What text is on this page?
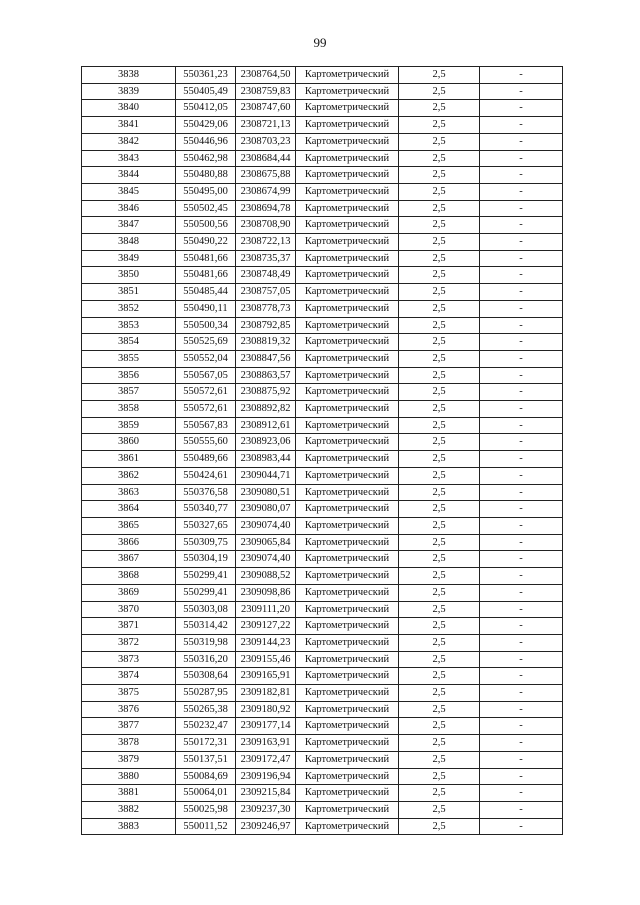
99
3838	550361,23	2308764,50	Картометрический	2,5	-
3839	550405,49	2308759,83	Картометрический	2,5	-
3840	550412,05	2308747,60	Картометрический	2,5	-
3841	550429,06	2308721,13	Картометрический	2,5	-
3842	550446,96	2308703,23	Картометрический	2,5	-
3843	550462,98	2308684,44	Картометрический	2,5	-
3844	550480,88	2308675,88	Картометрический	2,5	-
3845	550495,00	2308674,99	Картометрический	2,5	-
3846	550502,45	2308694,78	Картометрический	2,5	-
3847	550500,56	2308708,90	Картометрический	2,5	-
3848	550490,22	2308722,13	Картометрический	2,5	-
3849	550481,66	2308735,37	Картометрический	2,5	-
3850	550481,66	2308748,49	Картометрический	2,5	-
3851	550485,44	2308757,05	Картометрический	2,5	-
3852	550490,11	2308778,73	Картометрический	2,5	-
3853	550500,34	2308792,85	Картометрический	2,5	-
3854	550525,69	2308819,32	Картометрический	2,5	-
3855	550552,04	2308847,56	Картометрический	2,5	-
3856	550567,05	2308863,57	Картометрический	2,5	-
3857	550572,61	2308875,92	Картометрический	2,5	-
3858	550572,61	2308892,82	Картометрический	2,5	-
3859	550567,83	2308912,61	Картометрический	2,5	-
3860	550555,60	2308923,06	Картометрический	2,5	-
3861	550489,66	2308983,44	Картометрический	2,5	-
3862	550424,61	2309044,71	Картометрический	2,5	-
3863	550376,58	2309080,51	Картометрический	2,5	-
3864	550340,77	2309080,07	Картометрический	2,5	-
3865	550327,65	2309074,40	Картометрический	2,5	-
3866	550309,75	2309065,84	Картометрический	2,5	-
3867	550304,19	2309074,40	Картометрический	2,5	-
3868	550299,41	2309088,52	Картометрический	2,5	-
3869	550299,41	2309098,86	Картометрический	2,5	-
3870	550303,08	2309111,20	Картометрический	2,5	-
3871	550314,42	2309127,22	Картометрический	2,5	-
3872	550319,98	2309144,23	Картометрический	2,5	-
3873	550316,20	2309155,46	Картометрический	2,5	-
3874	550308,64	2309165,91	Картометрический	2,5	-
3875	550287,95	2309182,81	Картометрический	2,5	-
3876	550265,38	2309180,92	Картометрический	2,5	-
3877	550232,47	2309177,14	Картометрический	2,5	-
3878	550172,31	2309163,91	Картометрический	2,5	-
3879	550137,51	2309172,47	Картометрический	2,5	-
3880	550084,69	2309196,94	Картометрический	2,5	-
3881	550064,01	2309215,84	Картометрический	2,5	-
3882	550025,98	2309237,30	Картометрический	2,5	-
3883	550011,52	2309246,97	Картометрический	2,5	-
